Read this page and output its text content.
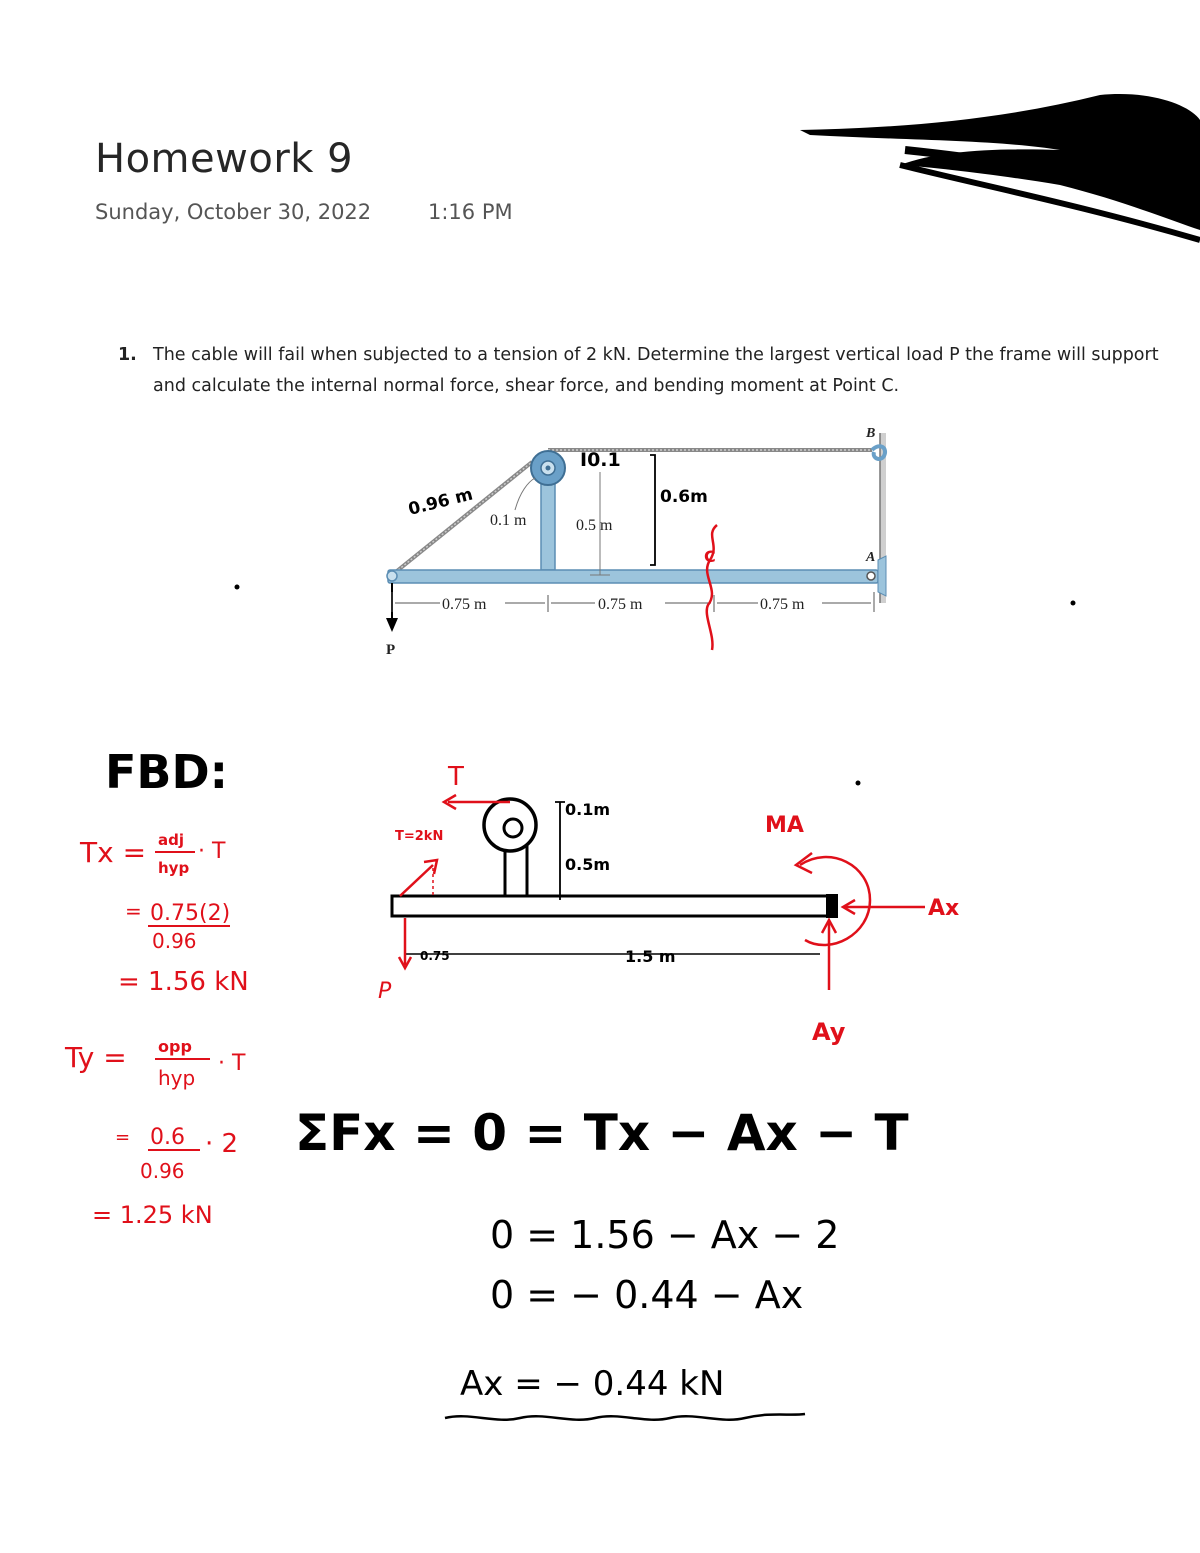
Homework 9
Sunday, October 30, 2022	1:16 PM
1. The cable will fail when subjected to a tension of 2 kN. Determine the largest vertical load P the frame will support and calculate the internal normal force, shear force, and bending moment at Point C.
B
A
P
0.1 m	0.5 m
0.75 m	0.75 m	0.75 m
0.96 m
I0.1
0.6m
C
FBD:	T
T=2kN
P
0.1m
0.5m
0.75	1.5 m
MA
Ax
Ay
Tx = adj
hyp
· T
= 0.75(2)
0.96
= 1.56 kN
Ty = opp
hyp
· T
= 0.6 · 2
0.96
= 1.25 kN
ΣFx = 0 = Tx − Ax − T
0 = 1.56 − Ax − 2
0 = − 0.44 − Ax
Ax = − 0.44 kN
